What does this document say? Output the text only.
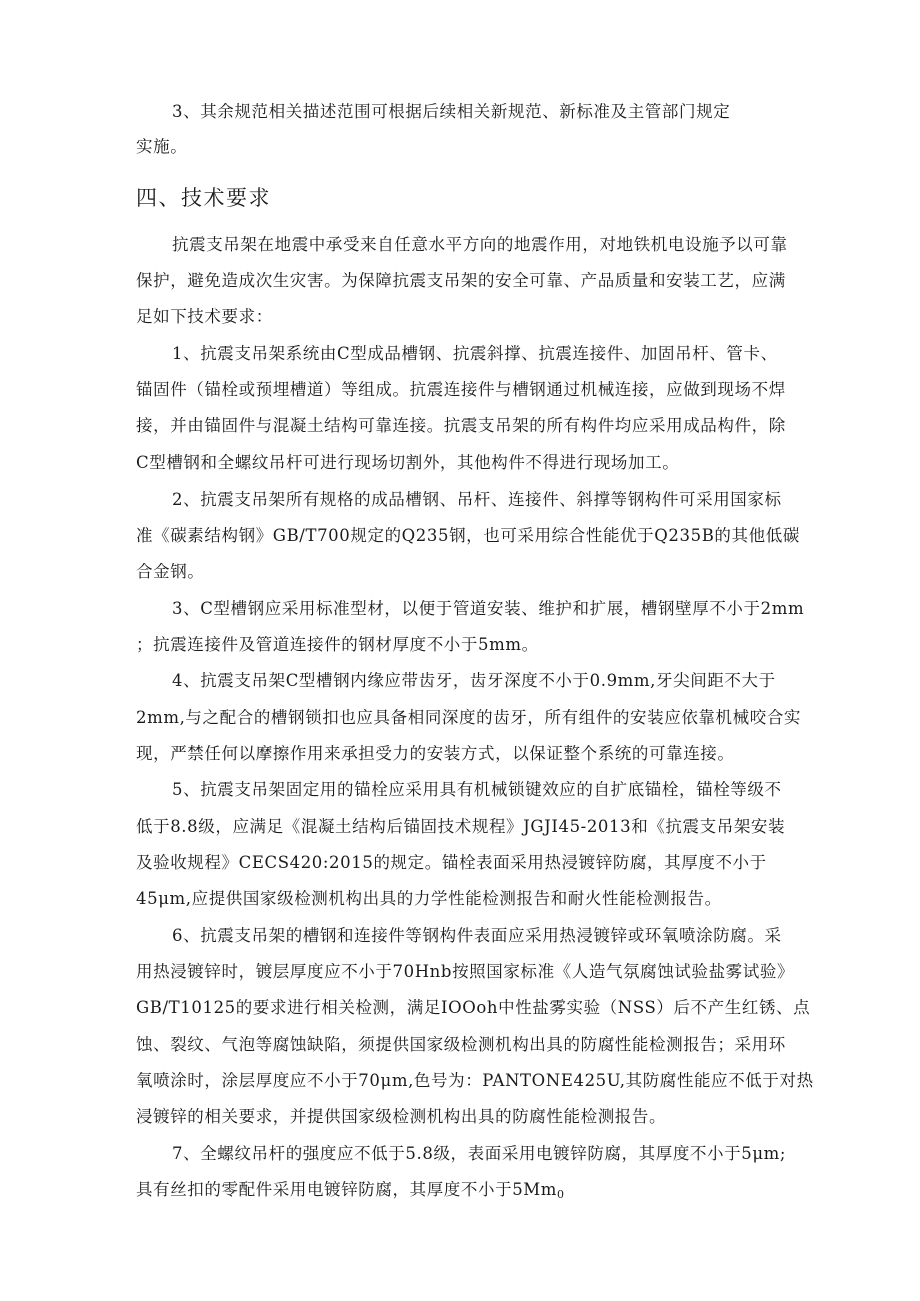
3、其余规范相关描述范围可根据后续相关新规范、新标准及主管部门规定
实施。
四、技术要求
抗震支吊架在地震中承受来自任意水平方向的地震作用，对地铁机电设施予以可靠
保护，避免造成次生灾害。为保障抗震支吊架的安全可靠、产品质量和安装工艺，应满
足如下技术要求：
1、抗震支吊架系统由C型成品槽钢、抗震斜撑、抗震连接件、加固吊杆、管卡、
锚固件（锚栓或预埋槽道）等组成。抗震连接件与槽钢通过机械连接，应做到现场不焊
接，并由锚固件与混凝土结构可靠连接。抗震支吊架的所有构件均应采用成品构件，除
C型槽钢和全螺纹吊杆可进行现场切割外，其他构件不得进行现场加工。
2、抗震支吊架所有规格的成品槽钢、吊杆、连接件、斜撑等钢构件可采用国家标
准《碳素结构钢》GB/T700规定的Q235钢，也可采用综合性能优于Q235B的其他低碳
合金钢。
3、C型槽钢应采用标准型材，以便于管道安装、维护和扩展，槽钢壁厚不小于2mm
；抗震连接件及管道连接件的钢材厚度不小于5mm。
4、抗震支吊架C型槽钢内缘应带齿牙，齿牙深度不小于0.9mm,牙尖间距不大于
2mm,与之配合的槽钢锁扣也应具备相同深度的齿牙，所有组件的安装应依靠机械咬合实
现，严禁任何以摩擦作用来承担受力的安装方式，以保证整个系统的可靠连接。
5、抗震支吊架固定用的锚栓应采用具有机械锁键效应的自扩底锚栓，锚栓等级不
低于8.8级，应满足《混凝土结构后锚固技术规程》JGJI45-2013和《抗震支吊架安装
及验收规程》CECS420:2015的规定。锚栓表面采用热浸镀锌防腐，其厚度不小于
45μm,应提供国家级检测机构出具的力学性能检测报告和耐火性能检测报告。
6、抗震支吊架的槽钢和连接件等钢构件表面应采用热浸镀锌或环氧喷涂防腐。采
用热浸镀锌时，镀层厚度应不小于70Hnb按照国家标准《人造气氛腐蚀试验盐雾试验》
GB/T10125的要求进行相关检测，满足IOOoh中性盐雾实验（NSS）后不产生红锈、点
蚀、裂纹、气泡等腐蚀缺陷，须提供国家级检测机构出具的防腐性能检测报告；采用环
氧喷涂时，涂层厚度应不小于70μm,色号为：PANTONE425U,其防腐性能应不低于对热
浸镀锌的相关要求，并提供国家级检测机构出具的防腐性能检测报告。
7、全螺纹吊杆的强度应不低于5.8级，表面采用电镀锌防腐，其厚度不小于5μm;
具有丝扣的零配件采用电镀锌防腐，其厚度不小于$5Mm_0$
